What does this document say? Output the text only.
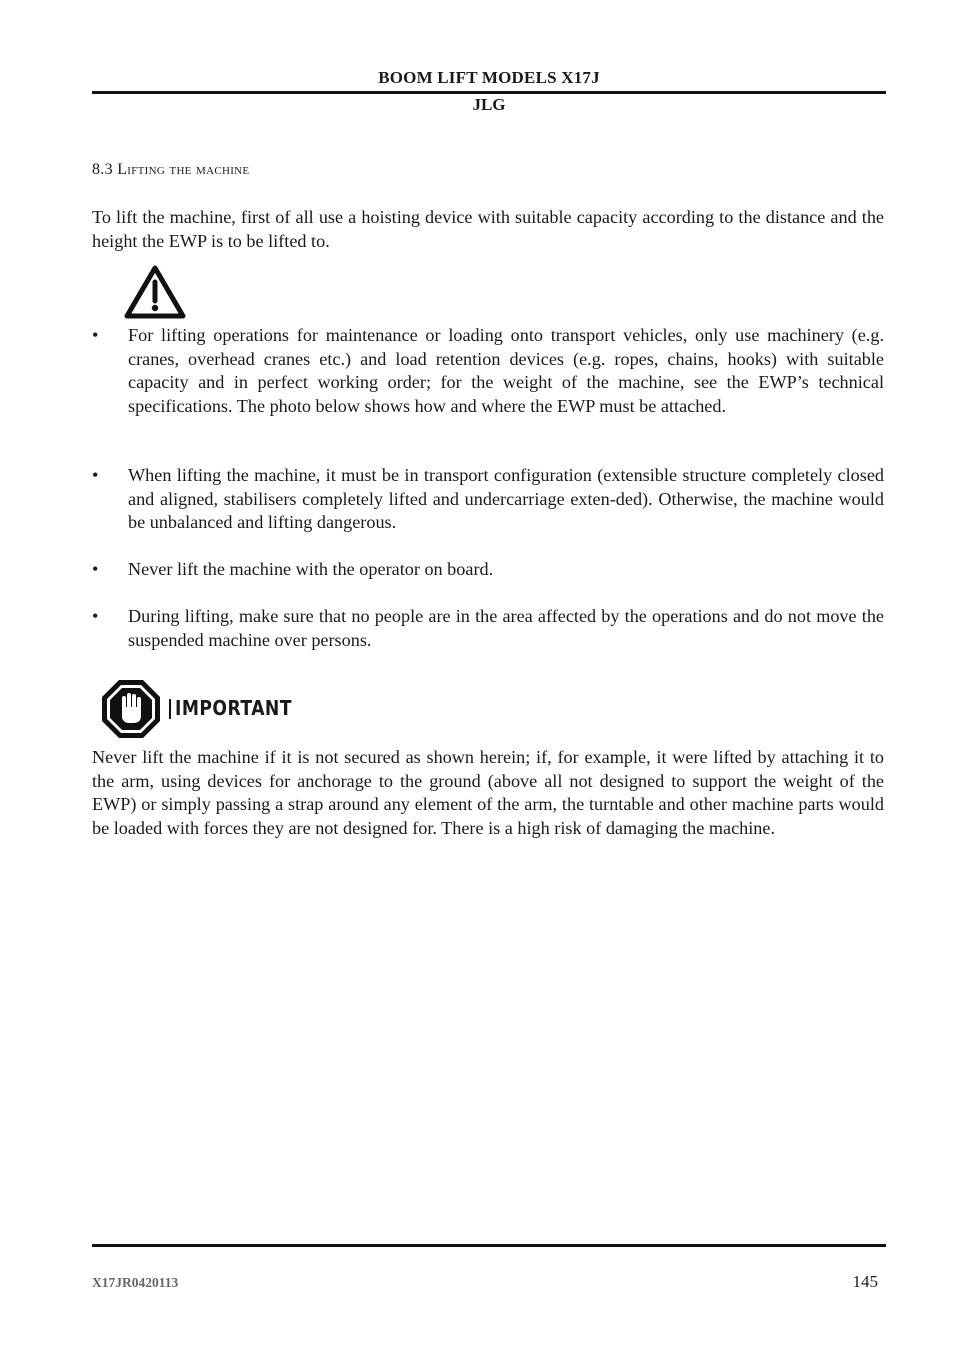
BOOM LIFT MODELS X17J
JLG
8.3 Lifting the machine

To lift the machine, first of all use a hoisting device with suitable capacity according to the distance and the height the EWP is to be lifted to.

•	For lifting operations for maintenance or loading onto transport vehicles, only use machinery (e.g. cranes, overhead cranes etc.) and load retention devices (e.g. ropes, chains, hooks) with suitable capacity and in perfect working order; for the weight of the machine, see the EWP’s technical specifications. The photo below shows how and where the EWP must be attached.
•	When lifting the machine, it must be in transport configuration (extensible structure completely closed and aligned, stabilisers completely lifted and undercarriage exten-ded). Otherwise, the machine would be unbalanced and lifting dangerous.
•	Never lift the machine with the operator on board.
•	During lifting, make sure that no people are in the area affected by the operations and do not move the suspended machine over persons.
IMPORTANT

Never lift the machine if it is not secured as shown herein; if, for example, it were lifted by attaching it to the arm, using devices for anchorage to the ground (above all not designed to support the weight of the EWP) or simply passing a strap around any element of the arm, the turntable and other machine parts would be loaded with forces they are not designed for. There is a high risk of damaging the machine.

X17JR0420113	145
